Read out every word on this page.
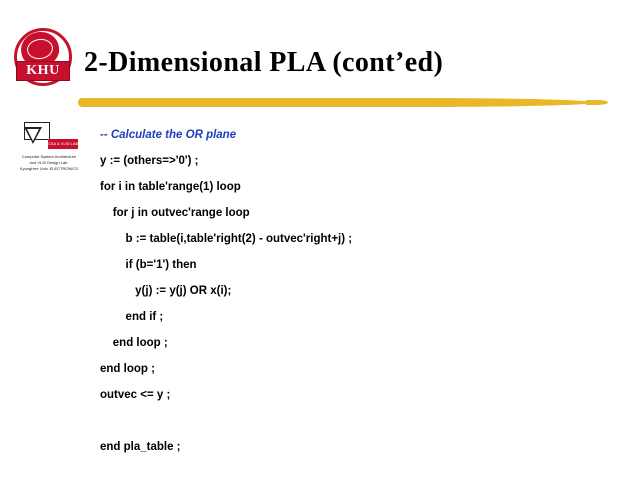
KHU 2-Dimensional PLA (cont’ed)
CSA & VLSI LAB
Computer System Architecture
and VLSI Design Lab.
KyungHee Univ. ELECTRONICS
-- Calculate the OR plane
y := (others=>'0') ;
for i in table'range(1) loop
for j in outvec'range loop
b := table(i,table'right(2) - outvec'right+j) ;
if (b='1') then
y(j) := y(j) OR x(i);
end if ;
end loop ;
end loop ;
outvec <= y ;

end pla_table ;
